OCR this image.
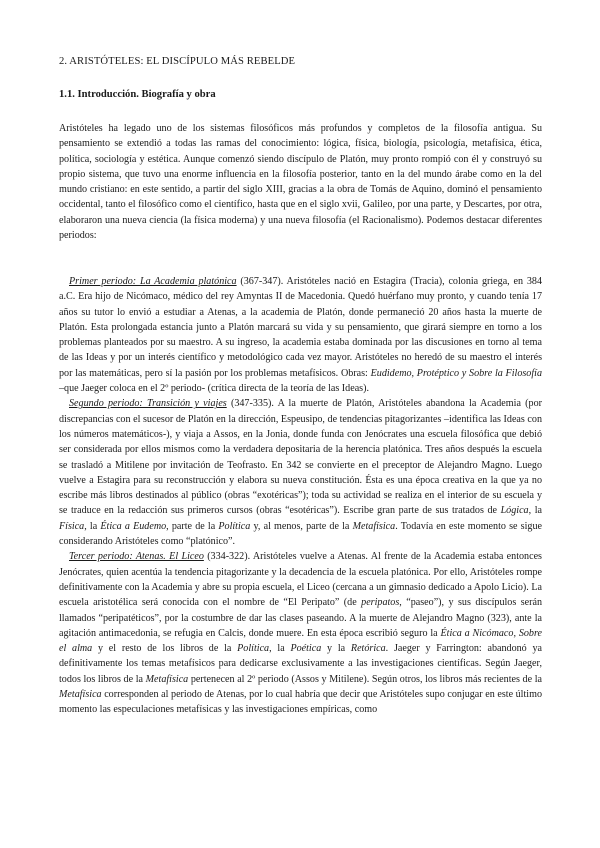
2. ARISTÓTELES: EL DISCÍPULO MÁS REBELDE
1.1. Introducción. Biografía y obra

Aristóteles ha legado uno de los sistemas filosóficos más profundos y completos de la filosofía antigua. Su pensamiento se extendió a todas las ramas del conocimiento: lógica, física, biología, psicología, metafísica, ética, política, sociología y estética. Aunque comenzó siendo discípulo de Platón, muy pronto rompió con él y construyó su propio sistema, que tuvo una enorme influencia en la filosofía posterior, tanto en la del mundo árabe como en la del mundo cristiano: en este sentido, a partir del siglo XIII, gracias a la obra de Tomás de Aquino, dominó el pensamiento occidental, tanto el filosófico como el científico, hasta que en el siglo xvii, Galileo, por una parte, y Descartes, por otra, elaboraron una nueva ciencia (la física moderna) y una nueva filosofía (el Racionalismo). Podemos destacar diferentes periodos:

Primer periodo: La Academia platónica (367-347). Aristóteles nació en Estagira (Tracia), colonia griega, en 384 a.C. Era hijo de Nicómaco, médico del rey Amyntas II de Macedonia. Quedó huérfano muy pronto, y cuando tenía 17 años su tutor lo envió a estudiar a Atenas, a la academia de Platón, donde permaneció 20 años hasta la muerte de Platón. Esta prolongada estancia junto a Platón marcará su vida y su pensamiento, que girará siempre en torno a los problemas planteados por su maestro. A su ingreso, la academia estaba dominada por las discusiones en torno al tema de las Ideas y por un interés científico y metodológico cada vez mayor. Aristóteles no heredó de su maestro el interés por las matemáticas, pero sí la pasión por los problemas metafísicos. Obras: Eudidemo, Protéptico y Sobre la Filosofía –que Jaeger coloca en el 2º periodo- (crítica directa de la teoría de las Ideas).

Segundo periodo: Transición y viajes (347-335). A la muerte de Platón, Aristóteles abandona la Academia (por discrepancias con el sucesor de Platón en la dirección, Espeusipo, de tendencias pitagorizantes –identifica las Ideas con los números matemáticos-), y viaja a Assos, en la Jonia, donde funda con Jenócrates una escuela filosófica que debió ser considerada por ellos mismos como la verdadera depositaria de la herencia platónica. Tres años después la escuela se trasladó a Mitilene por invitación de Teofrasto. En 342 se convierte en el preceptor de Alejandro Magno. Luego vuelve a Estagira para su reconstrucción y elabora su nueva constitución. Ésta es una época creativa en la que ya no escribe más libros destinados al público (obras “exotéricas”); toda su actividad se realiza en el interior de su escuela y se traduce en la redacción sus primeros cursos (obras “esotéricas”). Escribe gran parte de sus tratados de Lógica, la Física, la Ética a Eudemo, parte de la Política y, al menos, parte de la Metafísica. Todavía en este momento se sigue considerando Aristóteles como “platónico”.

Tercer periodo: Atenas. El Liceo (334-322). Aristóteles vuelve a Atenas. Al frente de la Academia estaba entonces Jenócrates, quien acentúa la tendencia pitagorizante y la decadencia de la escuela platónica. Por ello, Aristóteles rompe definitivamente con la Academia y abre su propia escuela, el Liceo (cercana a un gimnasio dedicado a Apolo Licio). La escuela aristotélica será conocida con el nombre de “El Peripato” (de peripatos, “paseo”), y sus discípulos serán llamados “peripatéticos”, por la costumbre de dar las clases paseando. A la muerte de Alejandro Magno (323), ante la agitación antimacedonia, se refugia en Calcis, donde muere. En esta época escribió seguro la Ética a Nicómaco, Sobre el alma y el resto de los libros de la Política, la Poética y la Retórica. Jaeger y Farrington: abandonó ya definitivamente los temas metafísicos para dedicarse exclusivamente a las investigaciones científicas. Según Jaeger, todos los libros de la Metafísica pertenecen al 2º periodo (Assos y Mitilene). Según otros, los libros más recientes de la Metafísica corresponden al periodo de Atenas, por lo cual habría que decir que Aristóteles supo conjugar en este último momento las especulaciones metafísicas y las investigaciones empíricas, como
